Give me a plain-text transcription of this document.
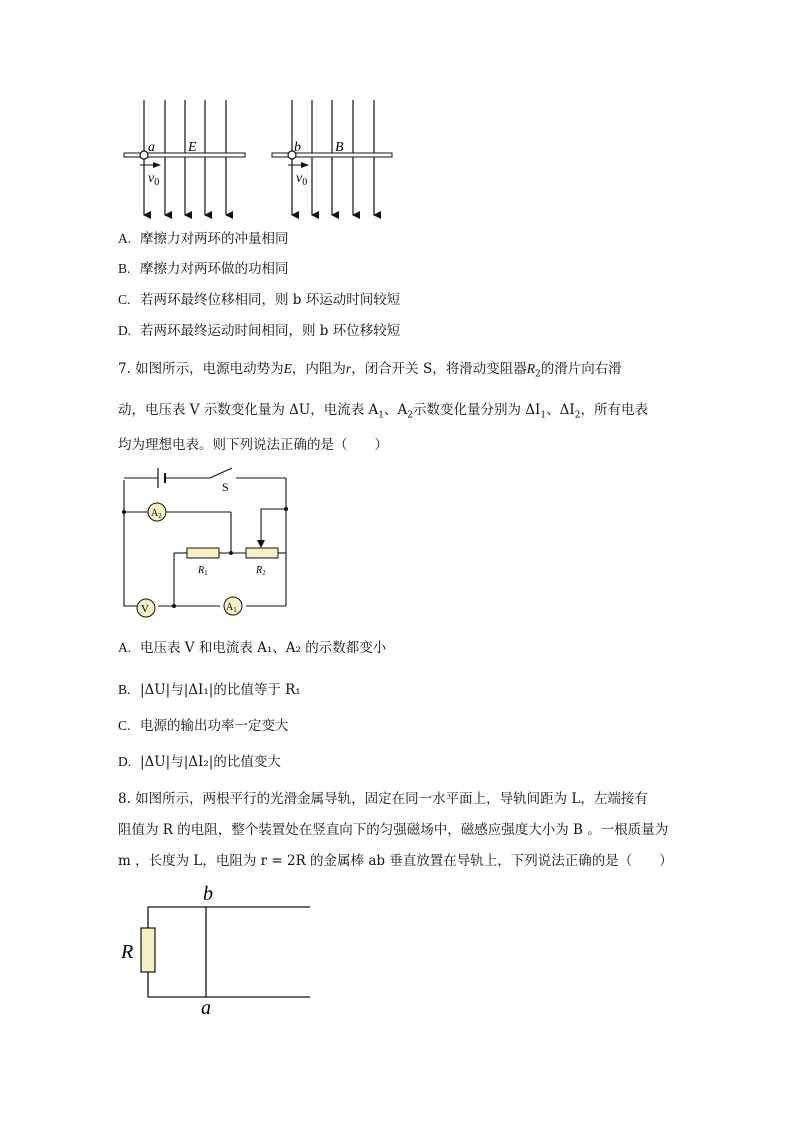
a E
$v_0$
b B
$v_0$
A. 摩擦力对两环的冲量相同
B. 摩擦力对两环做的功相同
C. 若两环最终位移相同，则 b 环运动时间较短
D. 若两环最终运动时间相同，则 b 环位移较短
7. 如图所示，电源电动势为E，内阻为r，闭合开关 S，将滑动变阻器$R_2$的滑片向右滑
动，电压表 V 示数变化量为 ΔU，电流表 $A_1$、$A_2$示数变化量分别为 $\Delta I_1$、$\Delta I_2$，所有电表
均为理想电表。则下列说法正确的是（　　）
S
$A_2$
V	$A_1$
$R_1$	$R_2$
A. 电压表 V 和电流表 A₁、A₂ 的示数都变小
B. |ΔU|与|ΔI₁|的比值等于 R₁
C. 电源的输出功率一定变大
D. |ΔU|与|ΔI₂|的比值变大
8. 如图所示，两根平行的光滑金属导轨，固定在同一水平面上，导轨间距为 L，左端接有
阻值为 R 的电阻，整个装置处在竖直向下的匀强磁场中，磁感应强度大小为 B 。一根质量为
m ，长度为 L，电阻为 r = 2R 的金属棒 ab 垂直放置在导轨上，下列说法正确的是（　　）
R
b
a
